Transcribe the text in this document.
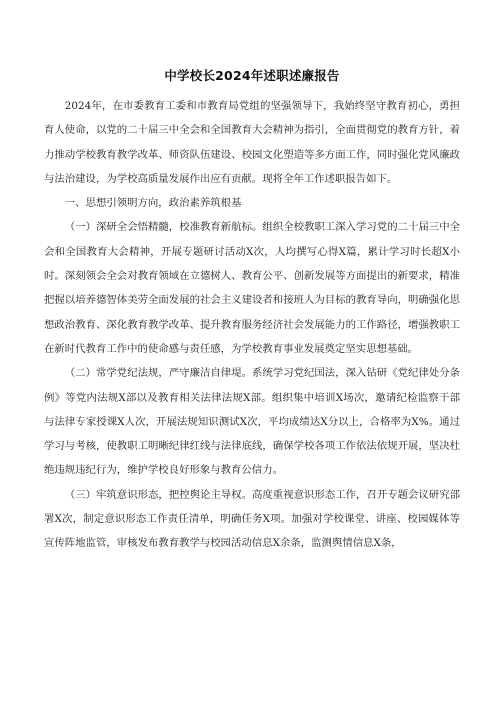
中学校长2024年述职述廉报告

2024年，在市委教育工委和市教育局党组的坚强领导下，我始终坚守教育初心，勇担育人使命，以党的二十届三中全会和全国教育大会精神为指引，全面贯彻党的教育方针，着力推动学校教育教学改革、师资队伍建设、校园文化塑造等多方面工作，同时强化党风廉政与法治建设，为学校高质量发展作出应有贡献。现将全年工作述职报告如下。

一、思想引领明方向，政治素养筑根基

（一）深研全会悟精髓，校准教育新航标。组织全校教职工深入学习党的二十届三中全会和全国教育大会精神，开展专题研讨活动X次，人均撰写心得X篇，累计学习时长超X小时。深刻领会全会对教育领域在立德树人、教育公平、创新发展等方面提出的新要求，精准把握以培养德智体美劳全面发展的社会主义建设者和接班人为目标的教育导向，明确强化思想政治教育、深化教育教学改革、提升教育服务经济社会发展能力的工作路径，增强教职工在新时代教育工作中的使命感与责任感，为学校教育事业发展奠定坚实思想基础。

（二）常学党纪法规，严守廉洁自律堤。系统学习党纪国法，深入钻研《党纪律处分条例》等党内法规X部以及教育相关法律法规X部。组织集中培训X场次，邀请纪检监察干部与法律专家授课X人次，开展法规知识测试X次，平均成绩达X分以上，合格率为X%。通过学习与考核，使教职工明晰纪律红线与法律底线，确保学校各项工作依法依规开展，坚决杜绝违规违纪行为，维护学校良好形象与教育公信力。

（三）牢筑意识形态，把控舆论主导权。高度重视意识形态工作，召开专题会议研究部署X次，制定意识形态工作责任清单，明确任务X项。加强对学校课堂、讲座、校园媒体等宣传阵地监管，审核发布教育教学与校园活动信息X余条，监测舆情信息X条，
